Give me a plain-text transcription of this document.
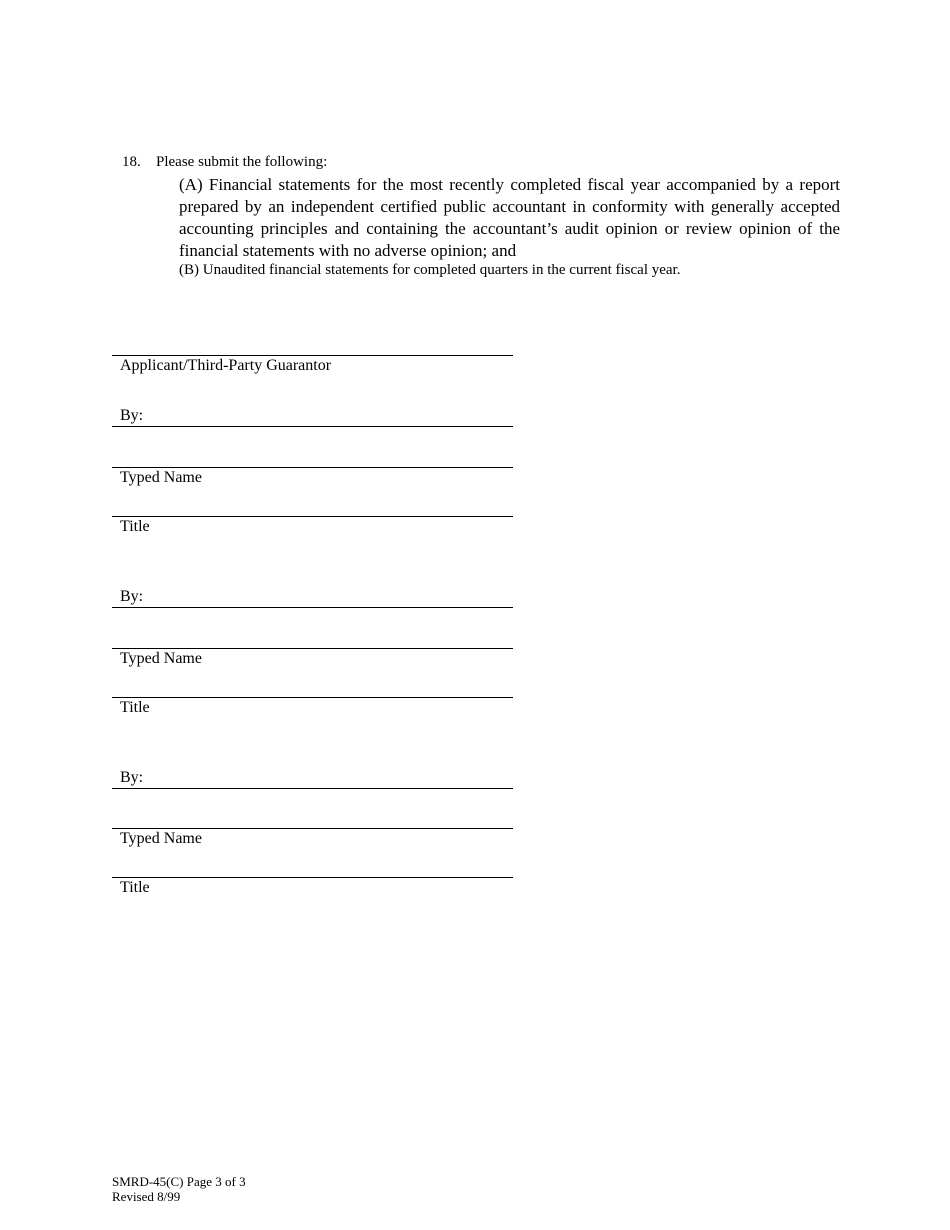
18. Please submit the following:

(A) Financial statements for the most recently completed fiscal year accompanied by a report prepared by an independent certified public accountant in conformity with generally accepted accounting principles and containing the accountant’s audit opinion or review opinion of the financial statements with no adverse opinion; and

(B) Unaudited financial statements for completed quarters in the current fiscal year.
Applicant/Third-Party Guarantor
By:
Typed Name
Title
By:
Typed Name
Title
By:
Typed Name
Title
SMRD-45(C) Page 3 of 3
Revised 8/99
